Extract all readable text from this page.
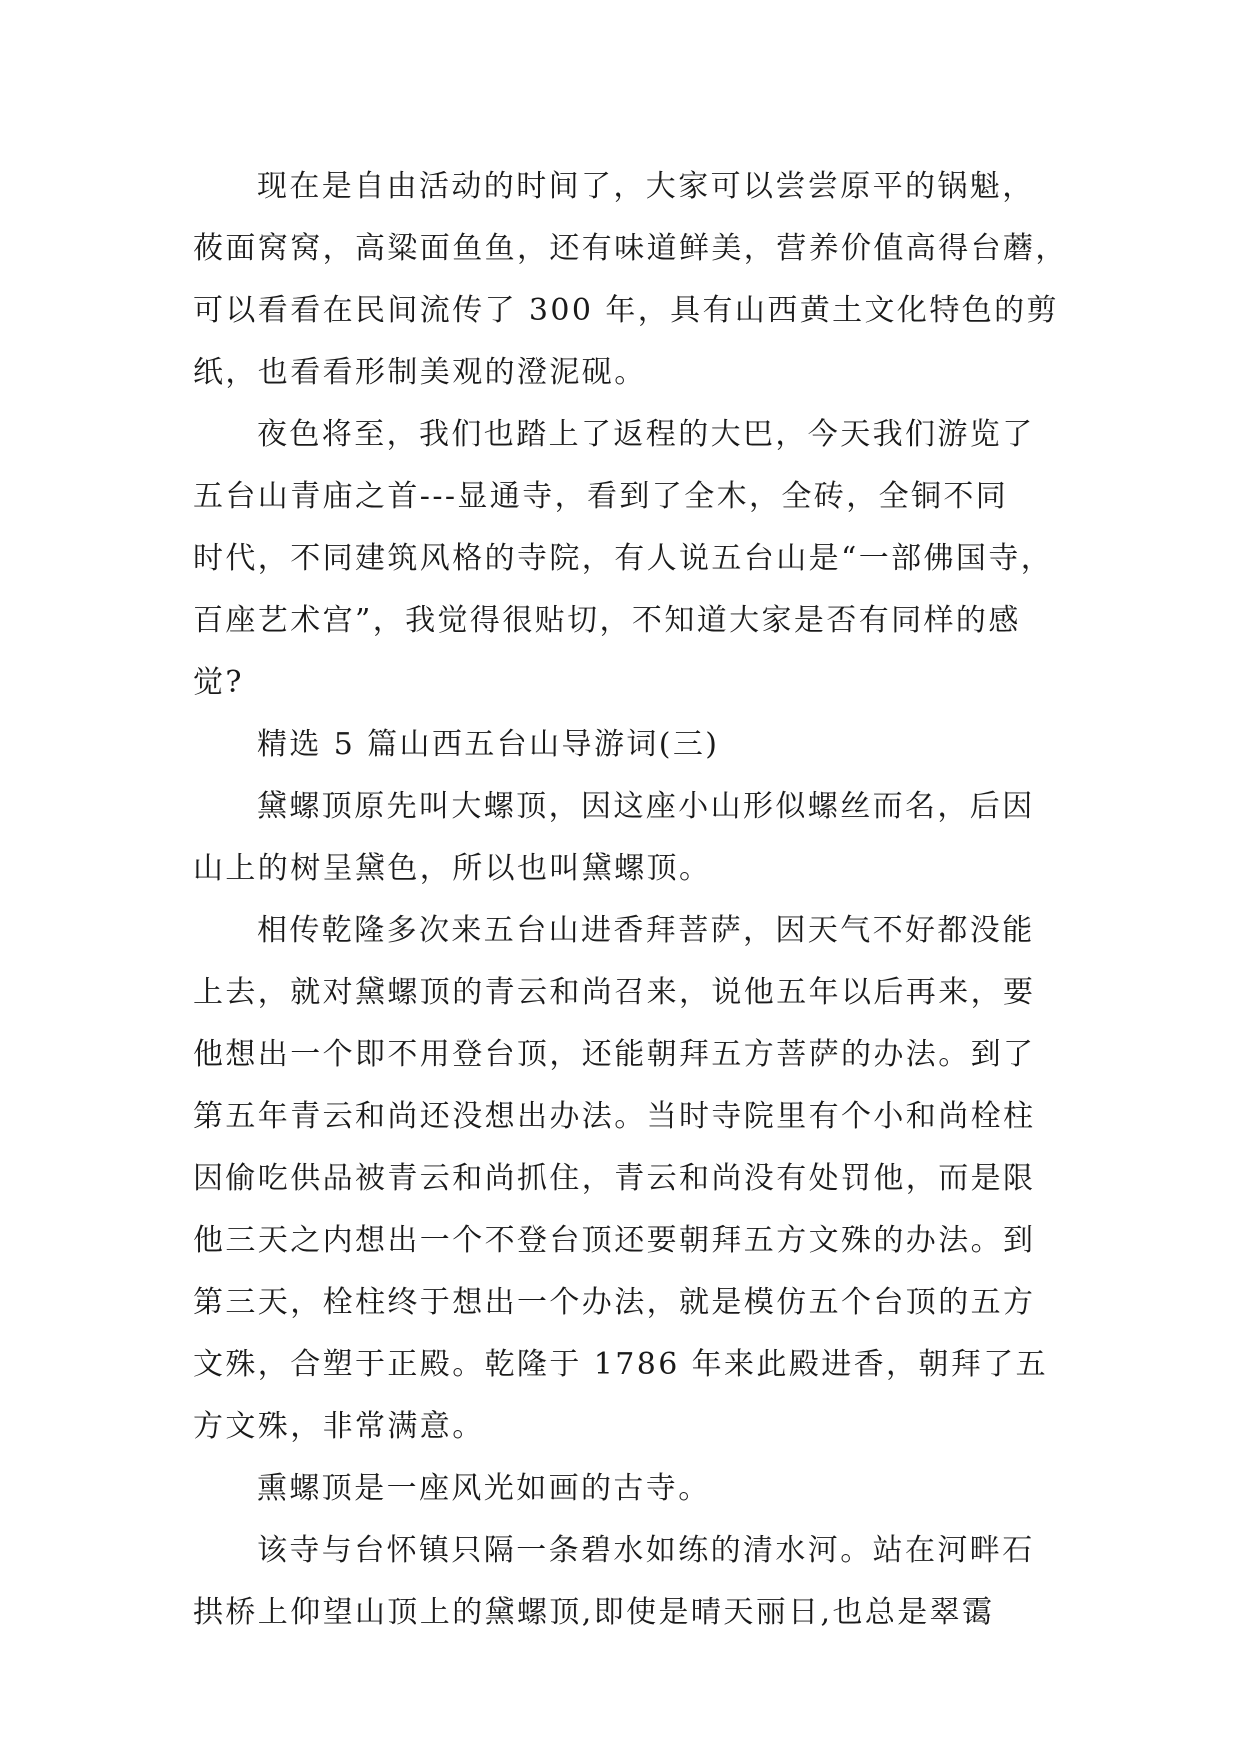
现在是自由活动的时间了，大家可以尝尝原平的锅魁，
莜面窝窝，高粱面鱼鱼，还有味道鲜美，营养价值高得台蘑，
可以看看在民间流传了 300 年，具有山西黄土文化特色的剪
纸，也看看形制美观的澄泥砚。
夜色将至，我们也踏上了返程的大巴，今天我们游览了
五台山青庙之首---显通寺，看到了全木，全砖，全铜不同
时代，不同建筑风格的寺院，有人说五台山是“一部佛国寺，
百座艺术宫”，我觉得很贴切，不知道大家是否有同样的感
觉?
精选 5 篇山西五台山导游词(三)
黛螺顶原先叫大螺顶，因这座小山形似螺丝而名，后因
山上的树呈黛色，所以也叫黛螺顶。
相传乾隆多次来五台山进香拜菩萨，因天气不好都没能
上去，就对黛螺顶的青云和尚召来，说他五年以后再来，要
他想出一个即不用登台顶，还能朝拜五方菩萨的办法。到了
第五年青云和尚还没想出办法。当时寺院里有个小和尚栓柱
因偷吃供品被青云和尚抓住，青云和尚没有处罚他，而是限
他三天之内想出一个不登台顶还要朝拜五方文殊的办法。到
第三天，栓柱终于想出一个办法，就是模仿五个台顶的五方
文殊，合塑于正殿。乾隆于 1786 年来此殿进香，朝拜了五
方文殊，非常满意。
熏螺顶是一座风光如画的古寺。
该寺与台怀镇只隔一条碧水如练的清水河。站在河畔石
拱桥上仰望山顶上的黛螺顶,即使是晴天丽日,也总是翠霭
